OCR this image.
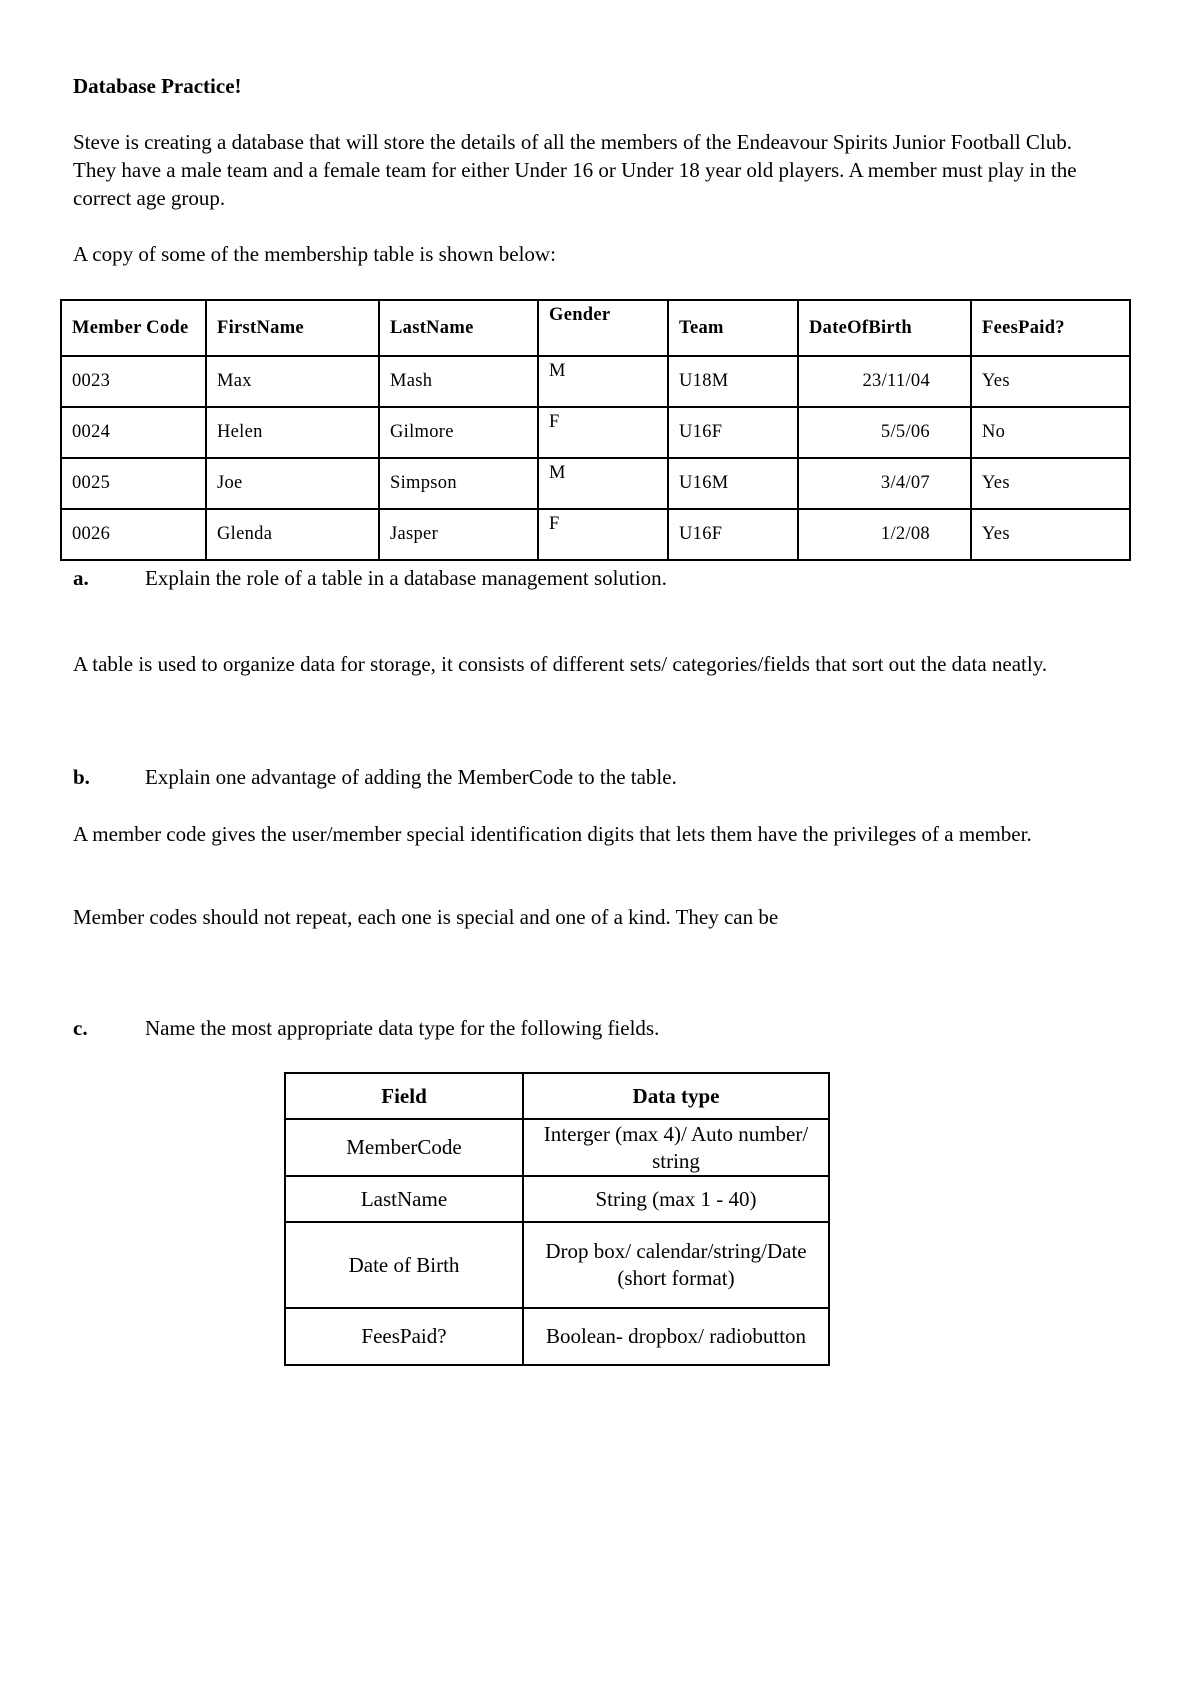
Database Practice!

Steve is creating a database that will store the details of all the members of the Endeavour Spirits Junior Football Club. They have a male team and a female team for either Under 16 or Under 18 year old players. A member must play in the correct age group.

A copy of some of the membership table is shown below:

Member Code	FirstName	LastName	Gender	Team	DateOfBirth	FeesPaid?
0023	Max	Mash	M	U18M	23/11/04	Yes
0024	Helen	Gilmore	F	U16F	5/5/06	No
0025	Joe	Simpson	M	U16M	3/4/07	Yes
0026	Glenda	Jasper	F	U16F	1/2/08	Yes
a.	Explain the role of a table in a database management solution.

A table is used to organize data for storage, it consists of different sets/ categories/fields that sort out the data neatly.

b.	Explain one advantage of adding the MemberCode to the table.

A member code gives the user/member special identification digits that lets them have the privileges of a member.

Member codes should not repeat, each one is special and one of a kind. They can be

c.	Name the most appropriate data type for the following fields.
Field	Data type
MemberCode	Interger (max 4)/ Auto number/ string
LastName	String (max 1 - 40)
Date of Birth	Drop box/ calendar/string/Date (short format)
FeesPaid?	Boolean- dropbox/ radiobutton
